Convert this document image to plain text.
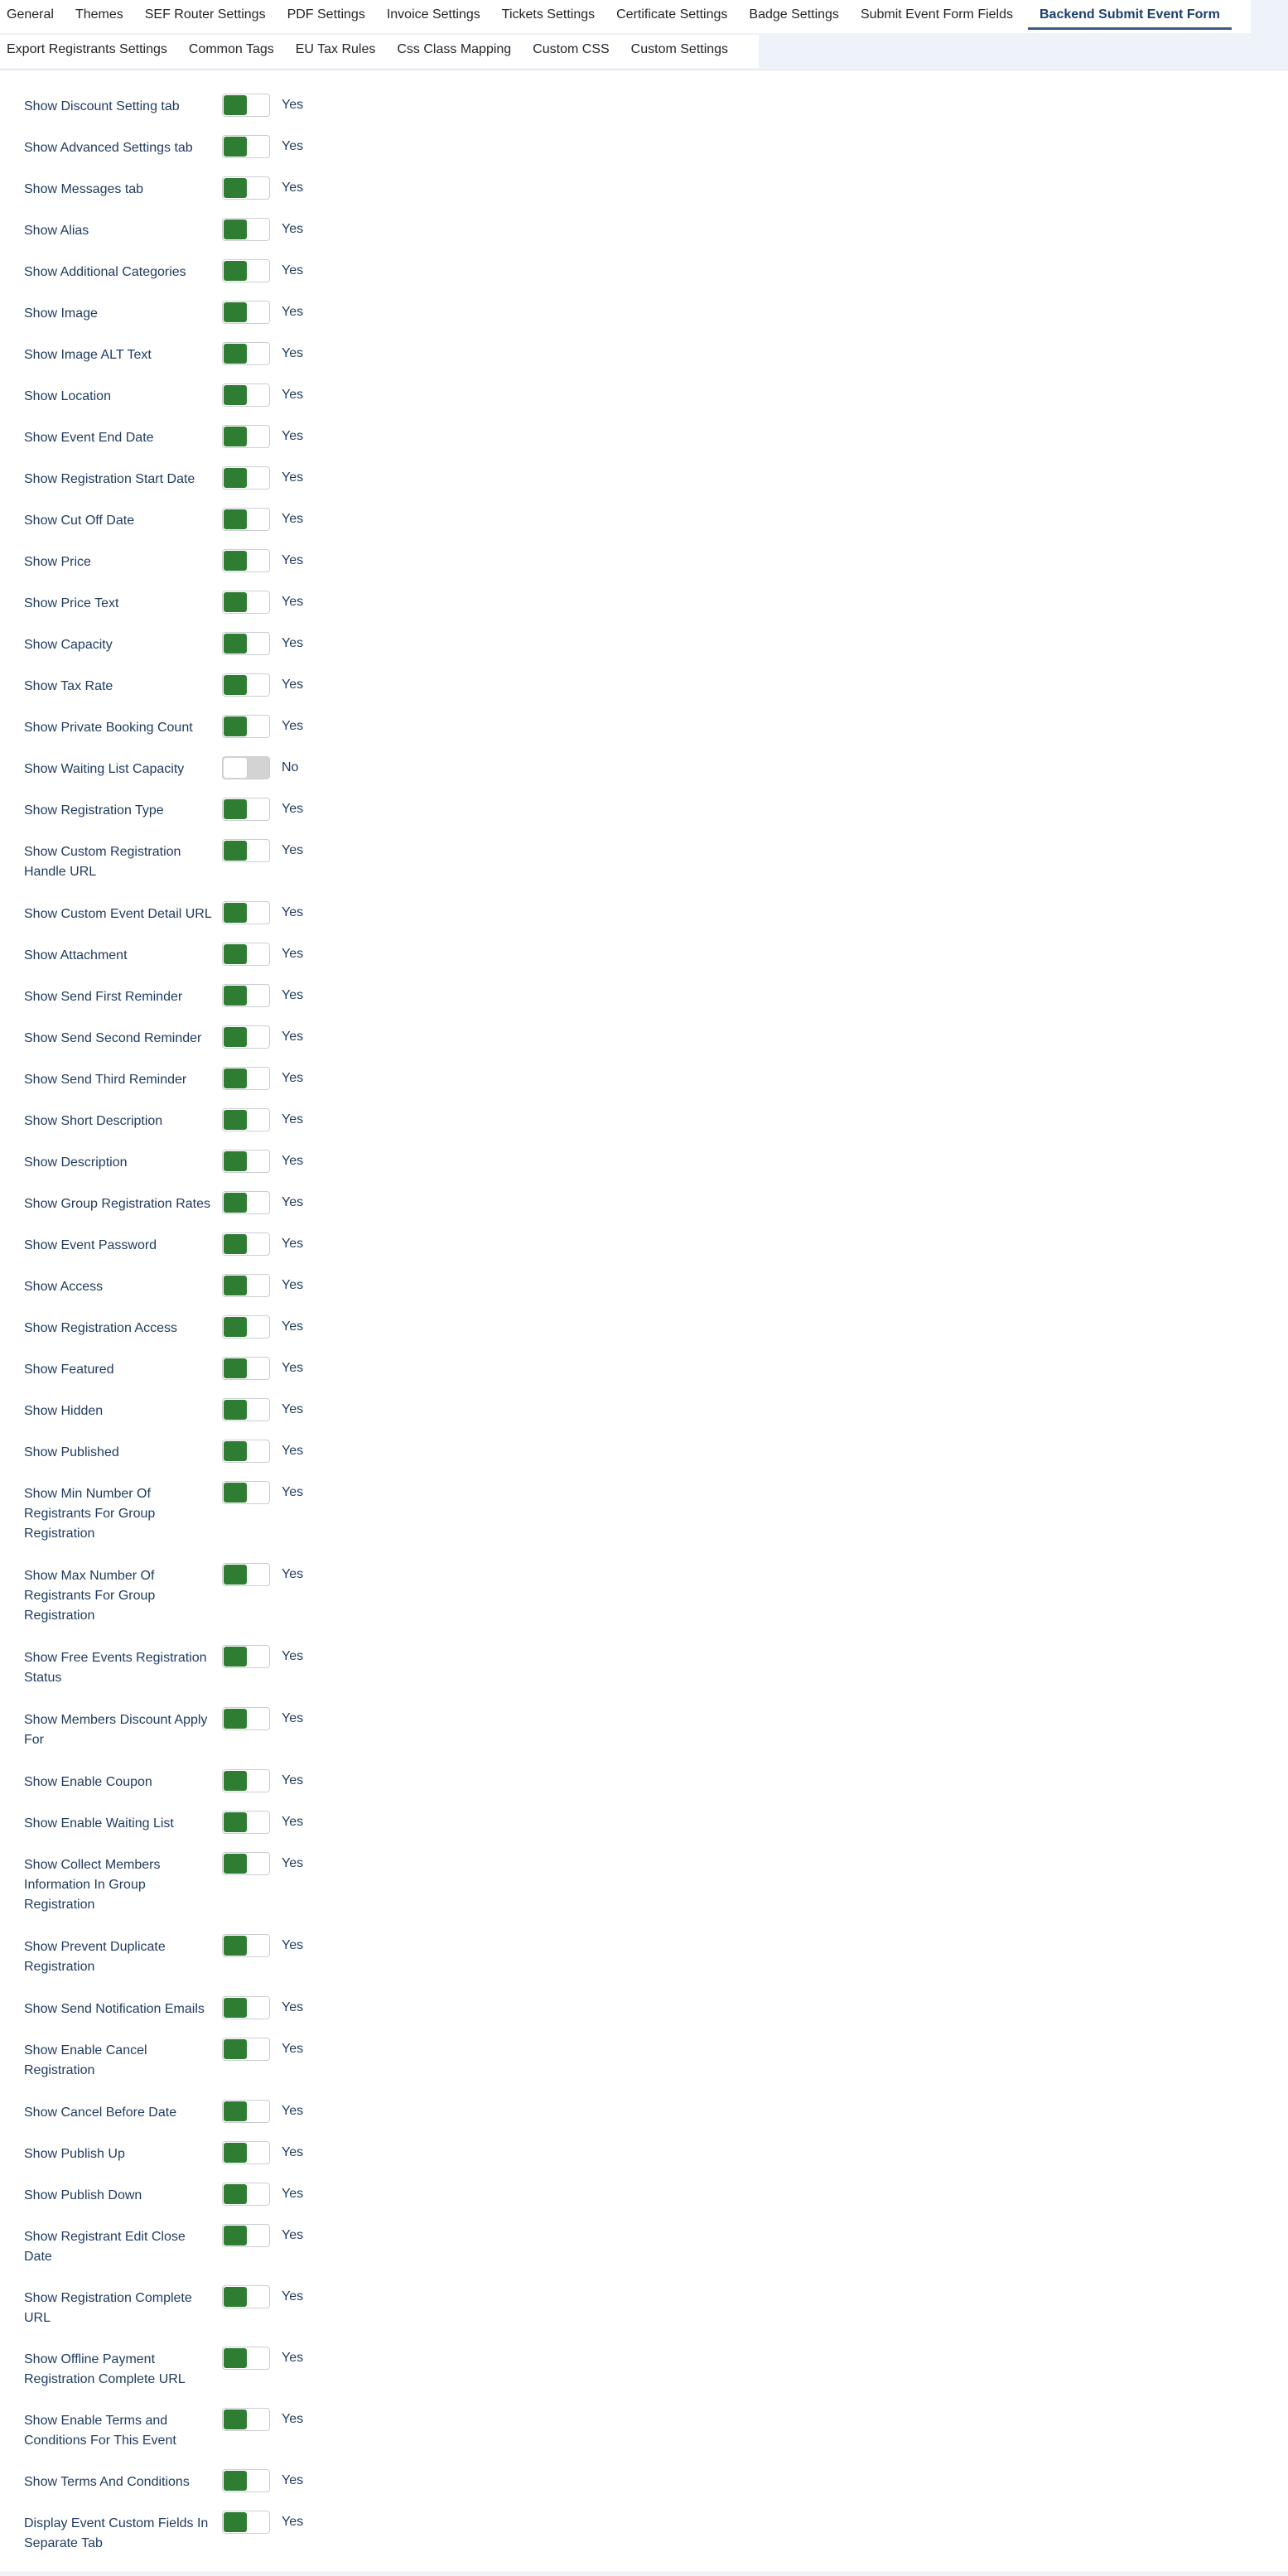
General	Themes	SEF Router Settings	PDF Settings	Invoice Settings	Tickets Settings	Certificate Settings	Badge Settings	Submit Event Form Fields	Backend Submit Event Form
Export Registrants Settings	Common Tags	EU Tax Rules	Css Class Mapping	Custom CSS	Custom Settings
Show Discount Setting tab	Yes
Show Advanced Settings tab	Yes
Show Messages tab	Yes
Show Alias	Yes
Show Additional Categories	Yes
Show Image	Yes
Show Image ALT Text	Yes
Show Location	Yes
Show Event End Date	Yes
Show Registration Start Date	Yes
Show Cut Off Date	Yes
Show Price	Yes
Show Price Text	Yes
Show Capacity	Yes
Show Tax Rate	Yes
Show Private Booking Count	Yes
Show Waiting List Capacity	No
Show Registration Type	Yes
Show Custom Registration Handle URL
Yes
Show Custom Event Detail URL	Yes
Show Attachment	Yes
Show Send First Reminder	Yes
Show Send Second Reminder	Yes
Show Send Third Reminder	Yes
Show Short Description	Yes
Show Description	Yes
Show Group Registration Rates	Yes
Show Event Password	Yes
Show Access	Yes
Show Registration Access	Yes
Show Featured	Yes
Show Hidden	Yes
Show Published	Yes
Show Min Number Of Registrants For Group Registration
Yes
Show Max Number Of Registrants For Group Registration
Yes
Show Free Events Registration Status
Yes
Show Members Discount Apply For
Yes
Show Enable Coupon	Yes
Show Enable Waiting List	Yes
Show Collect Members Information In Group Registration
Yes
Show Prevent Duplicate Registration
Yes
Show Send Notification Emails	Yes
Show Enable Cancel Registration
Yes
Show Cancel Before Date	Yes
Show Publish Up	Yes
Show Publish Down	Yes
Show Registrant Edit Close Date
Yes
Show Registration Complete URL
Yes
Show Offline Payment Registration Complete URL
Yes
Show Enable Terms and Conditions For This Event
Yes
Show Terms And Conditions	Yes
Display Event Custom Fields In Separate Tab
Yes
